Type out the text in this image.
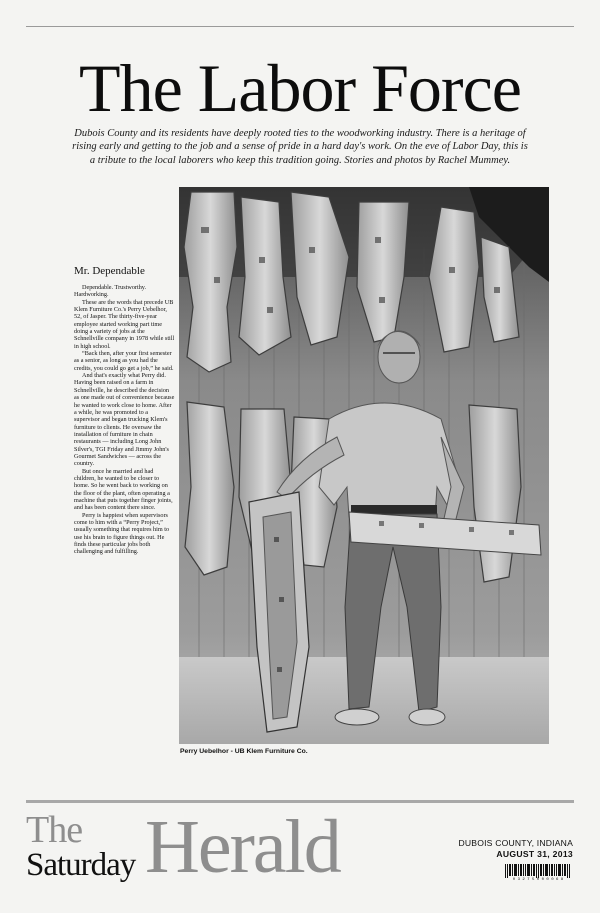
The Labor Force
Dubois County and its residents have deeply rooted ties to the woodworking industry. There is a heritage of rising early and getting to the job and a sense of pride in a hard day's work. On the eve of Labor Day, this is a tribute to the local laborers who keep this tradition going. Stories and photos by Rachel Mummey.
Mr. Dependable

Dependable. Trustworthy. Hardworking.

These are the words that precede UB Klem Furniture Co.'s Perry Uebelhor, 52, of Jasper. The thirty-five-year employee started working part time doing a variety of jobs at the Schnellville company in 1978 while still in high school.

“Back then, after your first semester as a senior, as long as you had the credits, you could go get a job,” he said.

And that's exactly what Perry did. Having been raised on a farm in Schnellville, he described the decision as one made out of convenience because he wanted to work close to home. After a while, he was promoted to a supervisor and began trucking Klem's furniture to clients. He oversaw the installation of furniture in chain restaurants — including Long John Silver's, TGI Friday and Jimmy John's Gourmet Sandwiches — across the country.

But once he married and had children, he wanted to be closer to home. So he went back to working on the floor of the plant, often operating a machine that puts together finger joints, and has been content there since.

Perry is happiest when supervisors come to him with a “Perry Project,” usually something that requires him to use his brain to figure things out. He finds these particular jobs both challenging and fulfilling.

Perry Uebelhor - UB Klem Furniture Co.
The
Saturday Herald	DUBOIS COUNTY, INDIANA
AUGUST 31, 2013
0 3 2 7 5 0 0 0 0 6 8
